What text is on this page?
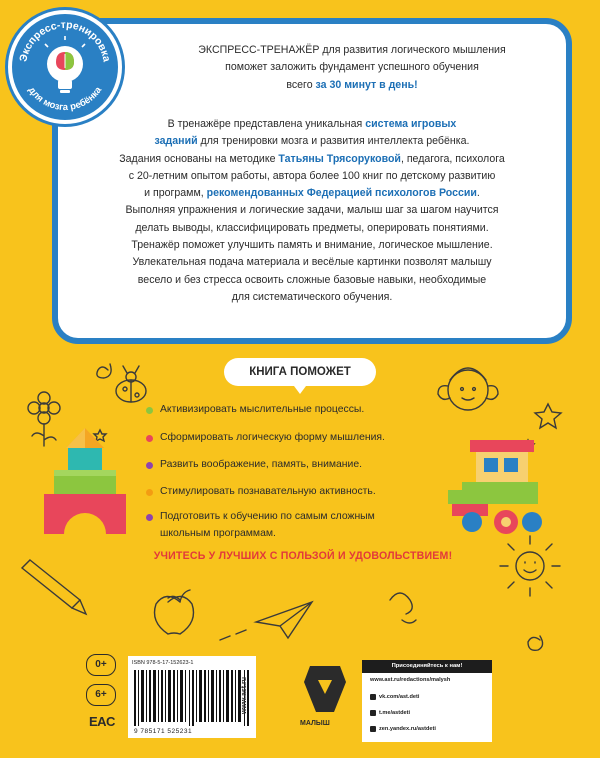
ЭКСПРЕСС-ТРЕНАЖЁР для развития логического мышления

поможет заложить фундамент успешного обучения

всего за 30 минут в день!

В тренажёре представлена уникальная система игровых

заданий для тренировки мозга и развития интеллекта ребёнка.

Задания основаны на методике Татьяны Трясоруковой, педагога, психолога

с 20-летним опытом работы, автора более 100 книг по детскому развитию

и программ, рекомендованных Федерацией психологов России.

Выполняя упражнения и логические задачи, малыш шаг за шагом научится

делать выводы, классифицировать предметы, оперировать понятиями.

Тренажёр поможет улучшить память и внимание, логическое мышление.

Увлекательная подача материала и весёлые картинки позволят малышу

весело и без стресса освоить сложные базовые навыки, необходимые

для систематического обучения.

Экспресс-тренировка
для мозга ребёнка
КНИГА ПОМОЖЕТ
Активизировать мыслительные процессы.
Сформировать логическую форму мышления.
Развить воображение, память, внимание.
Стимулировать познавательную активность.
Подготовить к обучению по самым сложным
школьным программам.
УЧИТЕСЬ У ЛУЧШИХ С ПОЛЬЗОЙ И УДОВОЛЬСТВИЕМ!
0+
6+
EAC
ISBN 978-5-17-152623-1
9 785171 525231
www.ast.ru
МАЛЫШ
Присоединяйтесь к нам!
www.ast.ru/redactions/malysh
vk.com/ast.deti
t.me/astdeti
zen.yandex.ru/astdeti
